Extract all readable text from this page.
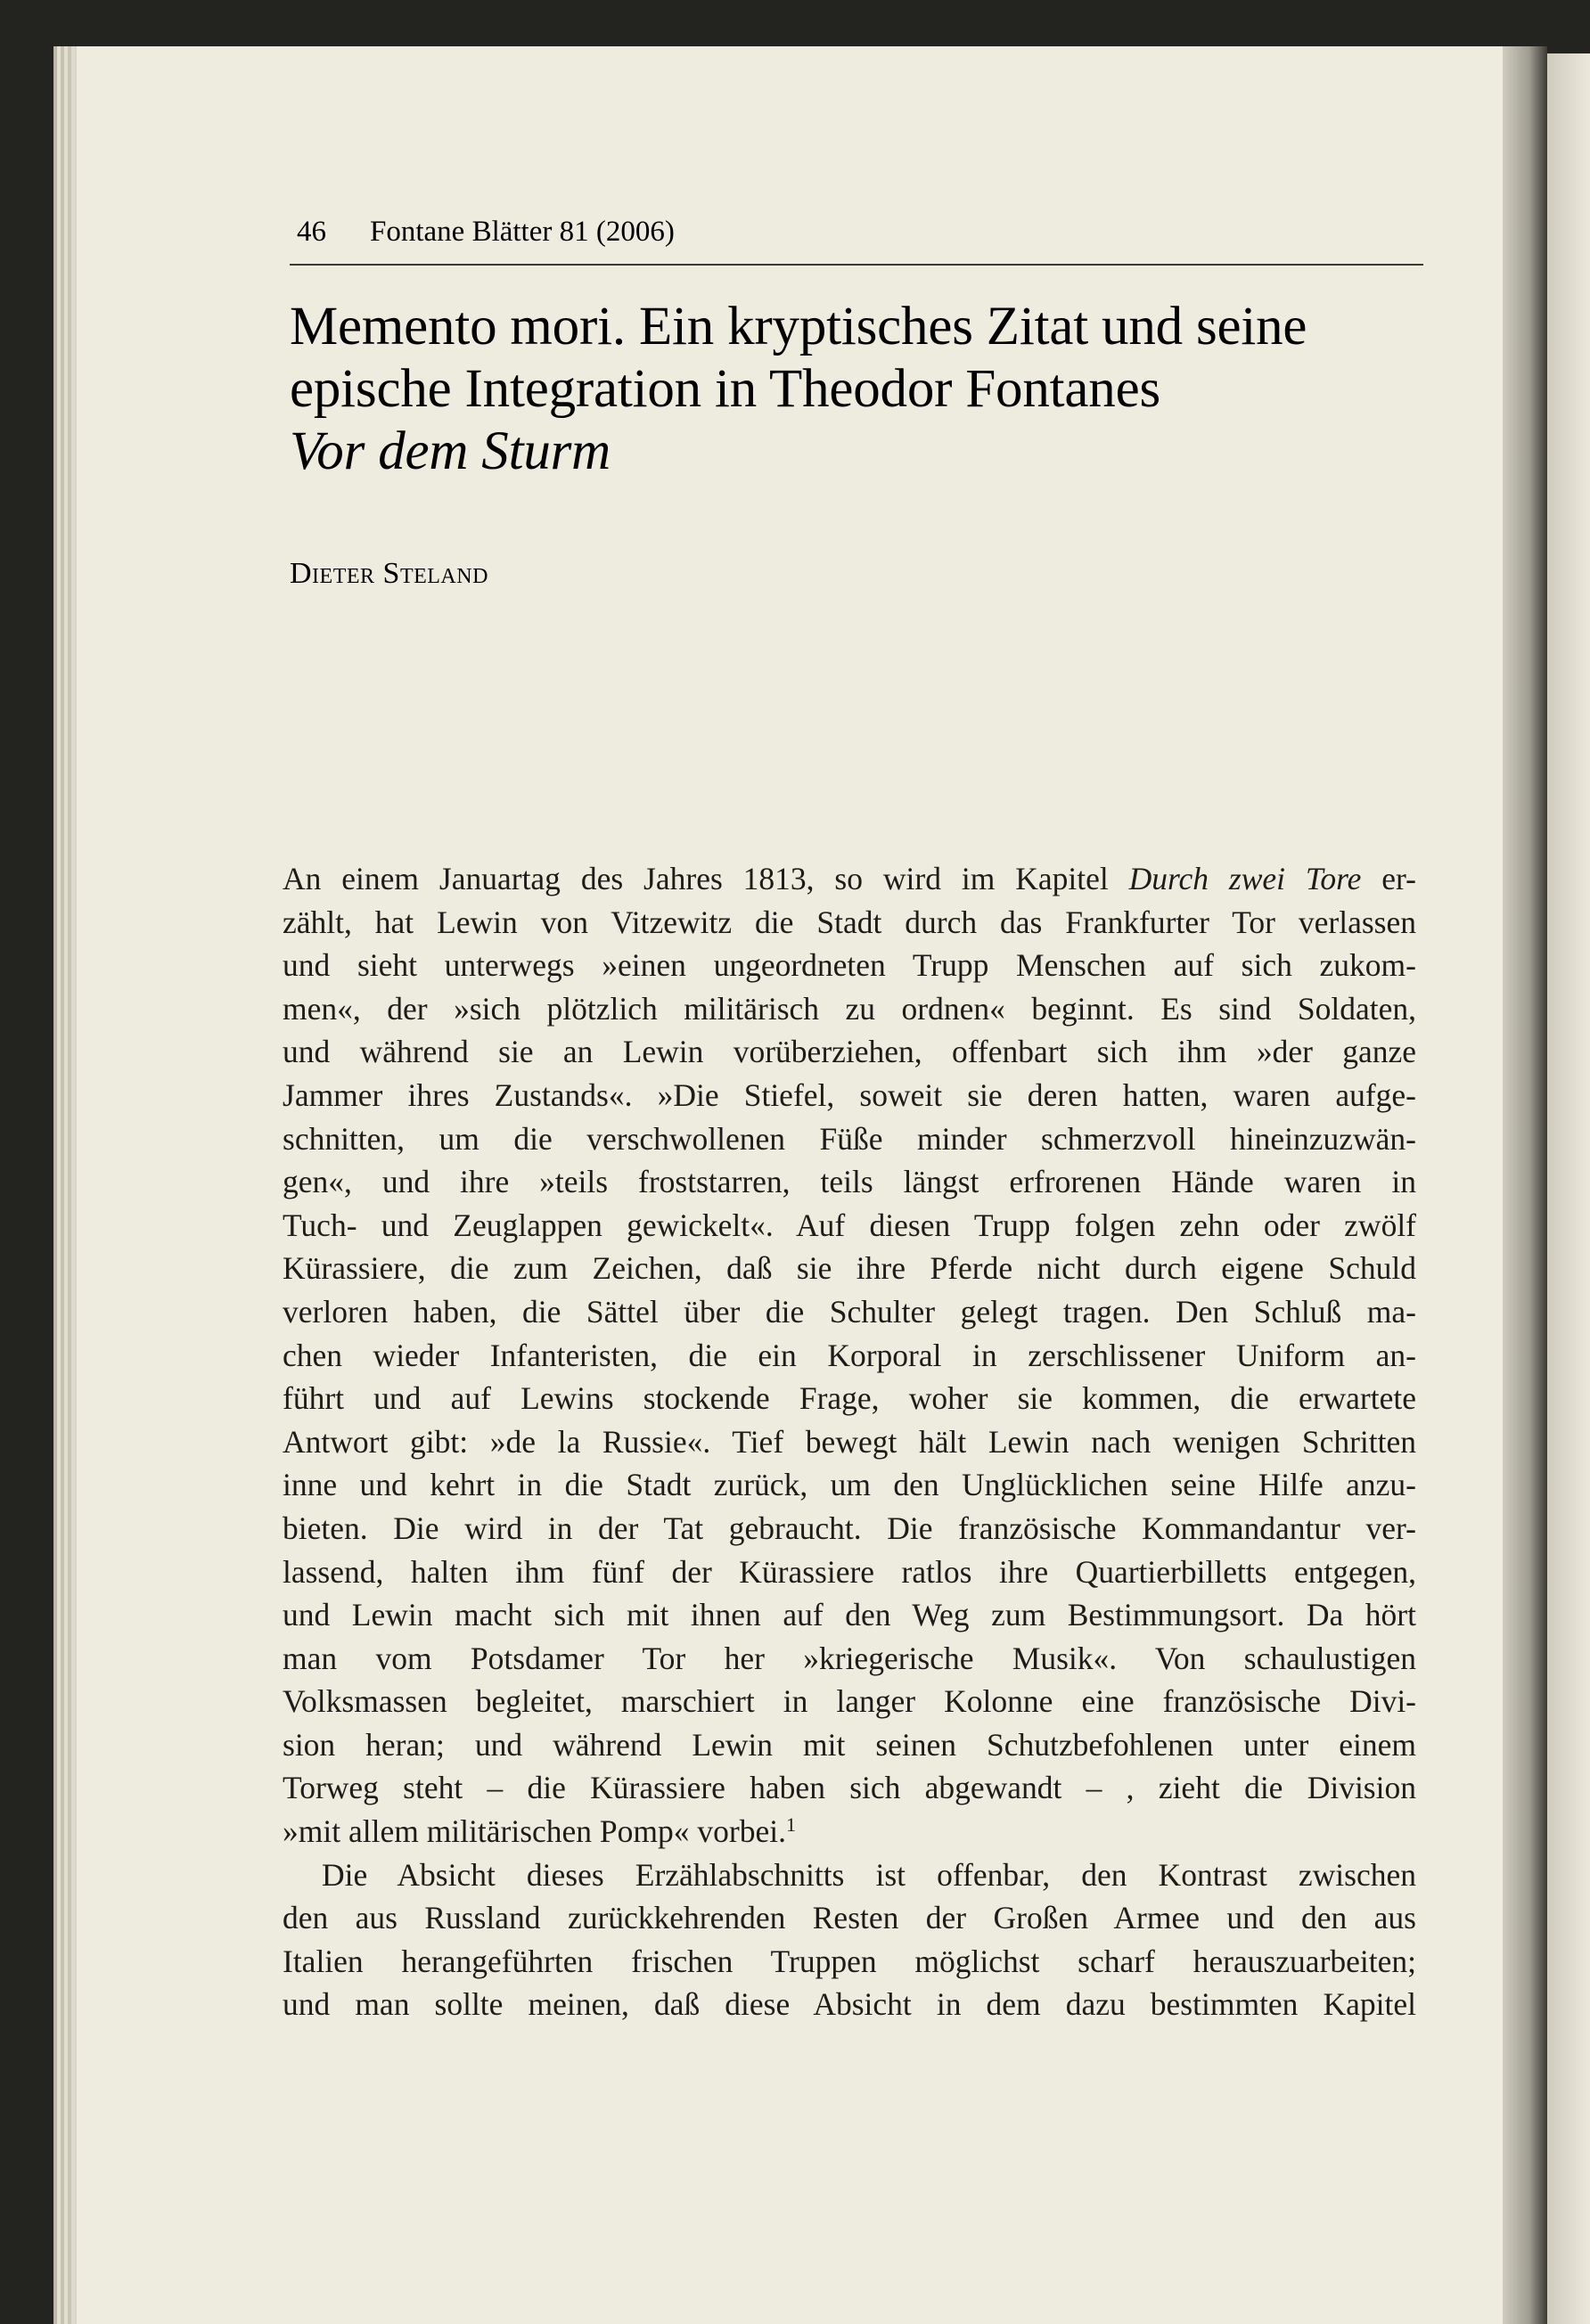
46 Fontane Blätter 81 (2006)
Memento mori. Ein kryptisches Zitat und seine
epische Integration in Theodor Fontanes
Vor dem Sturm
Dieter Steland

An einem Januartag des Jahres 1813, so wird im Kapitel Durch zwei Tore er-

zählt, hat Lewin von Vitzewitz die Stadt durch das Frankfurter Tor verlassen

und sieht unterwegs »einen ungeordneten Trupp Menschen auf sich zukom-

men«, der »sich plötzlich militärisch zu ordnen« beginnt. Es sind Soldaten,

und während sie an Lewin vorüberziehen, offenbart sich ihm »der ganze

Jammer ihres Zustands«. »Die Stiefel, soweit sie deren hatten, waren aufge-

schnitten, um die verschwollenen Füße minder schmerzvoll hineinzuzwän-

gen«, und ihre »teils froststarren, teils längst erfrorenen Hände waren in

Tuch- und Zeuglappen gewickelt«. Auf diesen Trupp folgen zehn oder zwölf

Kürassiere, die zum Zeichen, daß sie ihre Pferde nicht durch eigene Schuld

verloren haben, die Sättel über die Schulter gelegt tragen. Den Schluß ma-

chen wieder Infanteristen, die ein Korporal in zerschlissener Uniform an-

führt und auf Lewins stockende Frage, woher sie kommen, die erwartete

Antwort gibt: »de la Russie«. Tief bewegt hält Lewin nach wenigen Schritten

inne und kehrt in die Stadt zurück, um den Unglücklichen seine Hilfe anzu-

bieten. Die wird in der Tat gebraucht. Die französische Kommandantur ver-

lassend, halten ihm fünf der Kürassiere ratlos ihre Quartierbilletts entgegen,

und Lewin macht sich mit ihnen auf den Weg zum Bestimmungsort. Da hört

man vom Potsdamer Tor her »kriegerische Musik«. Von schaulustigen

Volksmassen begleitet, marschiert in langer Kolonne eine französische Divi-

sion heran; und während Lewin mit seinen Schutzbefohlenen unter einem

Torweg steht – die Kürassiere haben sich abgewandt – , zieht die Division

»mit allem militärischen Pomp« vorbei.$^1$

Die Absicht dieses Erzählabschnitts ist offenbar, den Kontrast zwischen

den aus Russland zurückkehrenden Resten der Großen Armee und den aus

Italien herangeführten frischen Truppen möglichst scharf herauszuarbeiten;

und man sollte meinen, daß diese Absicht in dem dazu bestimmten Kapitel
